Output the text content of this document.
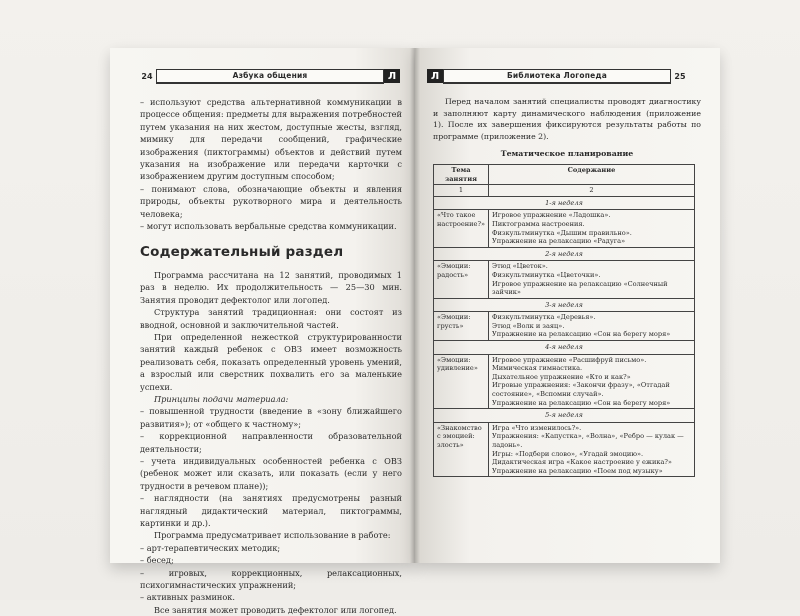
24	Азбука общения	Л

– используют средства альтернативной коммуникации в процессе общения: предметы для выражения потребностей путем указания на них жестом, доступные жесты, взгляд, мимику для передачи сообщений, графические изображения (пиктограммы) объектов и действий путем указания на изображение или передачи карточки с изображением другим доступным способом;

– понимают слова, обозначающие объекты и явления природы, объекты рукотворного мира и деятельность человека;

– могут использовать вербальные средства коммуникации.

Содержательный раздел

Программа рассчитана на 12 занятий, проводимых 1 раз в неделю. Их продолжительность — 25—30 мин. Занятия проводит дефектолог или логопед.

Структура занятий традиционная: они состоят из вводной, основной и заключительной частей.

При определенной нежесткой структурированности занятий каждый ребенок с ОВЗ имеет возможность реализовать себя, показать определенный уровень умений, а взрослый или сверстник похвалить его за маленькие успехи.

Принципы подачи материала:

– повышенной трудности (введение в «зону ближайшего развития»); от «общего к частному»;

– коррекционной направленности образовательной деятельности;

– учета индивидуальных особенностей ребенка с ОВЗ (ребенок может или сказать, или показать (если у него трудности в речевом плане));

– наглядности (на занятиях предусмотрены разный наглядный дидактический материал, пиктограммы, картинки и др.).

Программа предусматривает использование в работе:

– арт-терапевтических методик;

– бесед;

– игровых, коррекционных, релаксационных, психогимнастических упражнений;

– активных разминок.

Все занятия может проводить дефектолог или логопед.

Л	Библиотека Логопеда	25

Перед началом занятий специалисты проводят диагностику и заполняют карту динамического наблюдения (приложение 1). После их завершения фиксируются результаты работы по программе (приложение 2).

Тематическое планирование
Тема занятия	Содержание
1	2
1-я неделя	
«Что такое настроение?»	Игровое упражнение «Ладошка».
Пиктограмма настроения.
Физкультминутка «Дышим правильно».
Упражнение на релаксацию «Радуга»

2-я неделя	
«Эмоции: радость»	Этюд «Цветок».
Физкультминутка «Цветочки».
Игровое упражнение на релаксацию «Солнечный зайчик»

3-я неделя	
«Эмоции: грусть»	Физкультминутка «Деревья».
Этюд «Волк и заяц».
Упражнение на релаксацию «Сон на берегу моря»

4-я неделя	
«Эмоции: удивление»	Игровое упражнение «Расшифруй письмо».
Мимическая гимнастика.
Дыхательное упражнение «Кто и как?»
Игровые упражнения: «Закончи фразу», «Отгадай состояние», «Вспомни случай».
Упражнение на релаксацию «Сон на берегу моря»

5-я неделя	
«Знакомство с эмоцией: злость»	Игра «Что изменилось?».
Упражнения: «Капустка», «Волна», «Ребро — кулак — ладонь».
Игры: «Подбери слово», «Угадай эмоцию».
Дидактическая игра «Какое настроение у ежика?»
Упражнение на релаксацию «Поем под музыку»
